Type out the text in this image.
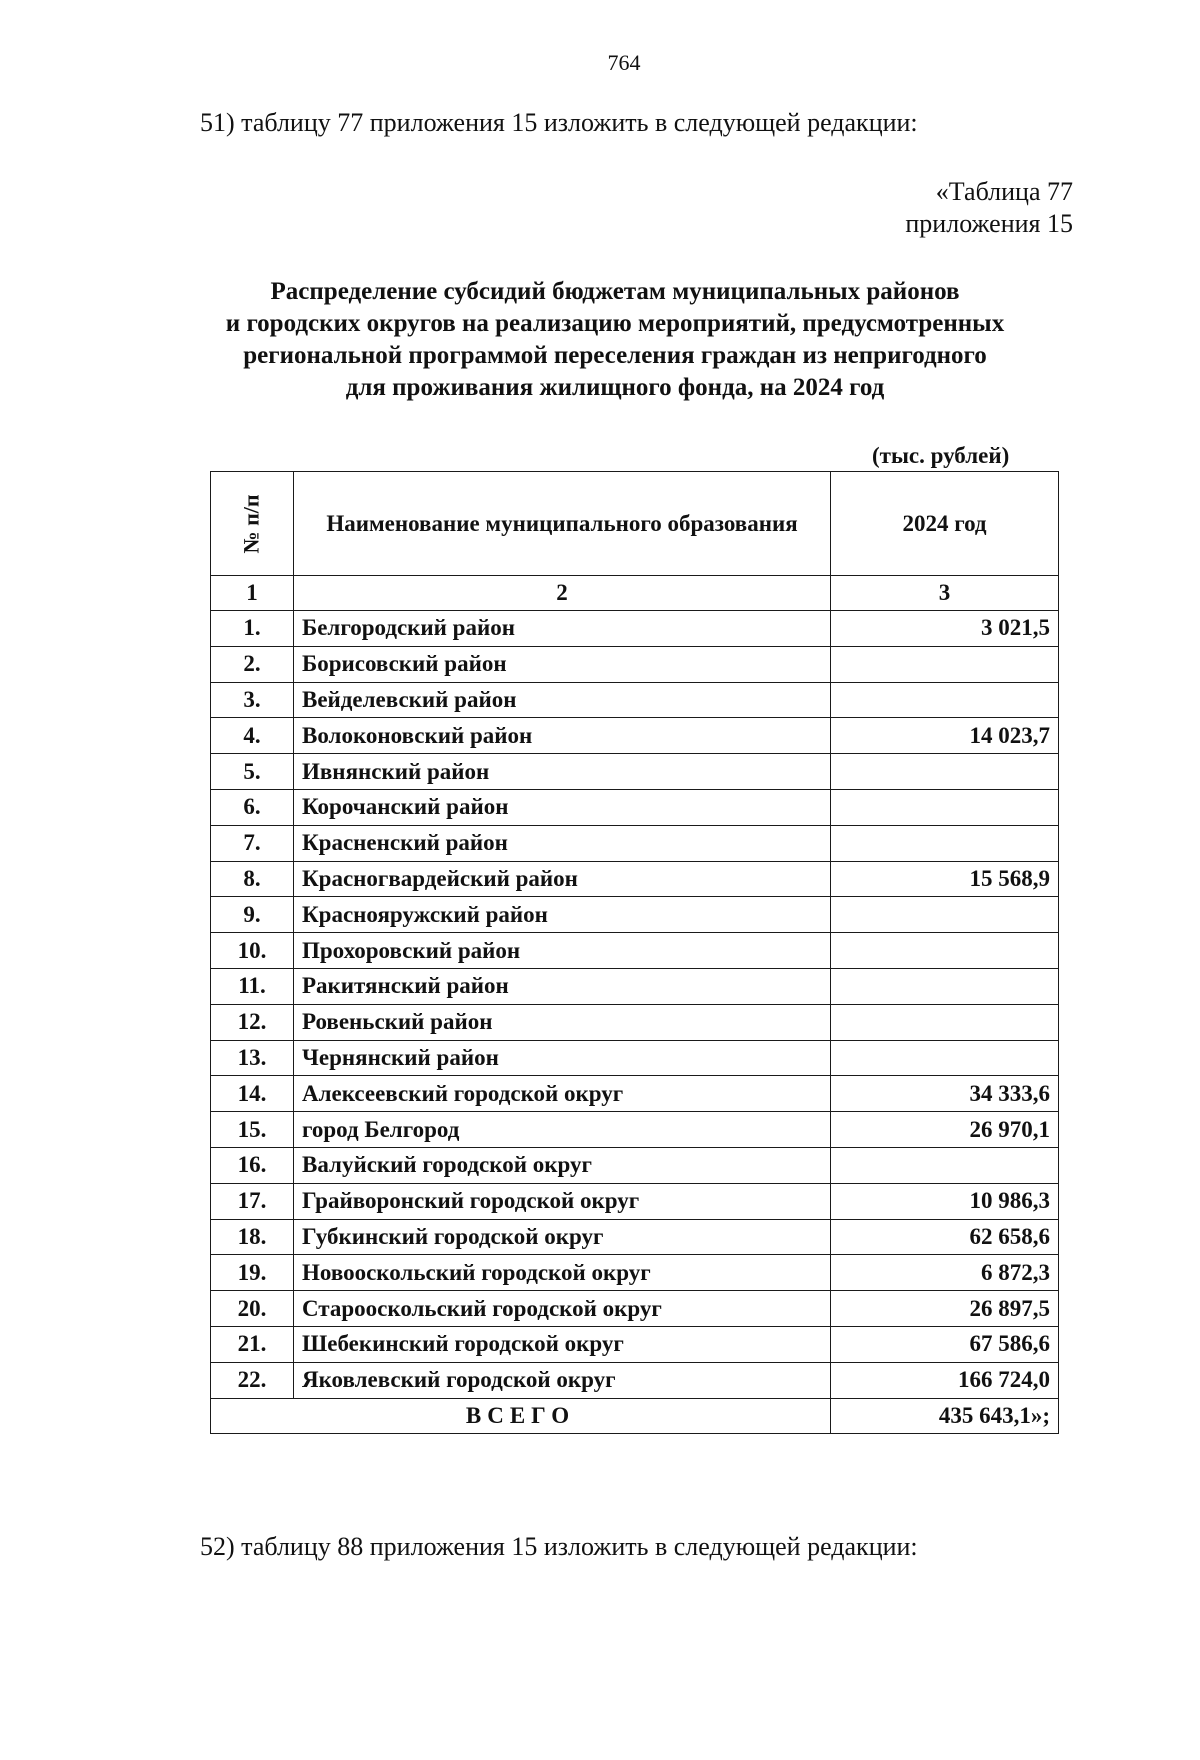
764
51) таблицу 77 приложения 15 изложить в следующей редакции:
«Таблица 77
приложения 15
Распределение субсидий бюджетам муниципальных районов
и городских округов на реализацию мероприятий, предусмотренных
региональной программой переселения граждан из непригодного
для проживания жилищного фонда, на 2024 год
(тыс. рублей)
№ п/п	Наименование муниципального образования	2024 год
1	2	3
1.	Белгородский район	3 021,5
2.	Борисовский район	
3.	Вейделевский район	
4.	Волоконовский район	14 023,7
5.	Ивнянский район	
6.	Корочанский район	
7.	Красненский район	
8.	Красногвардейский район	15 568,9
9.	Краснояружский район	
10.	Прохоровский район	
11.	Ракитянский район	
12.	Ровеньский район	
13.	Чернянский район	
14.	Алексеевский городской округ	34 333,6
15.	город Белгород	26 970,1
16.	Валуйский городской округ	
17.	Грайворонский городской округ	10 986,3
18.	Губкинский городской округ	62 658,6
19.	Новооскольский городской округ	6 872,3
20.	Старооскольский городской округ	26 897,5
21.	Шебекинский городской округ	67 586,6
22.	Яковлевский городской округ	166 724,0
ВСЕГО		435 643,1»;
52) таблицу 88 приложения 15 изложить в следующей редакции:
